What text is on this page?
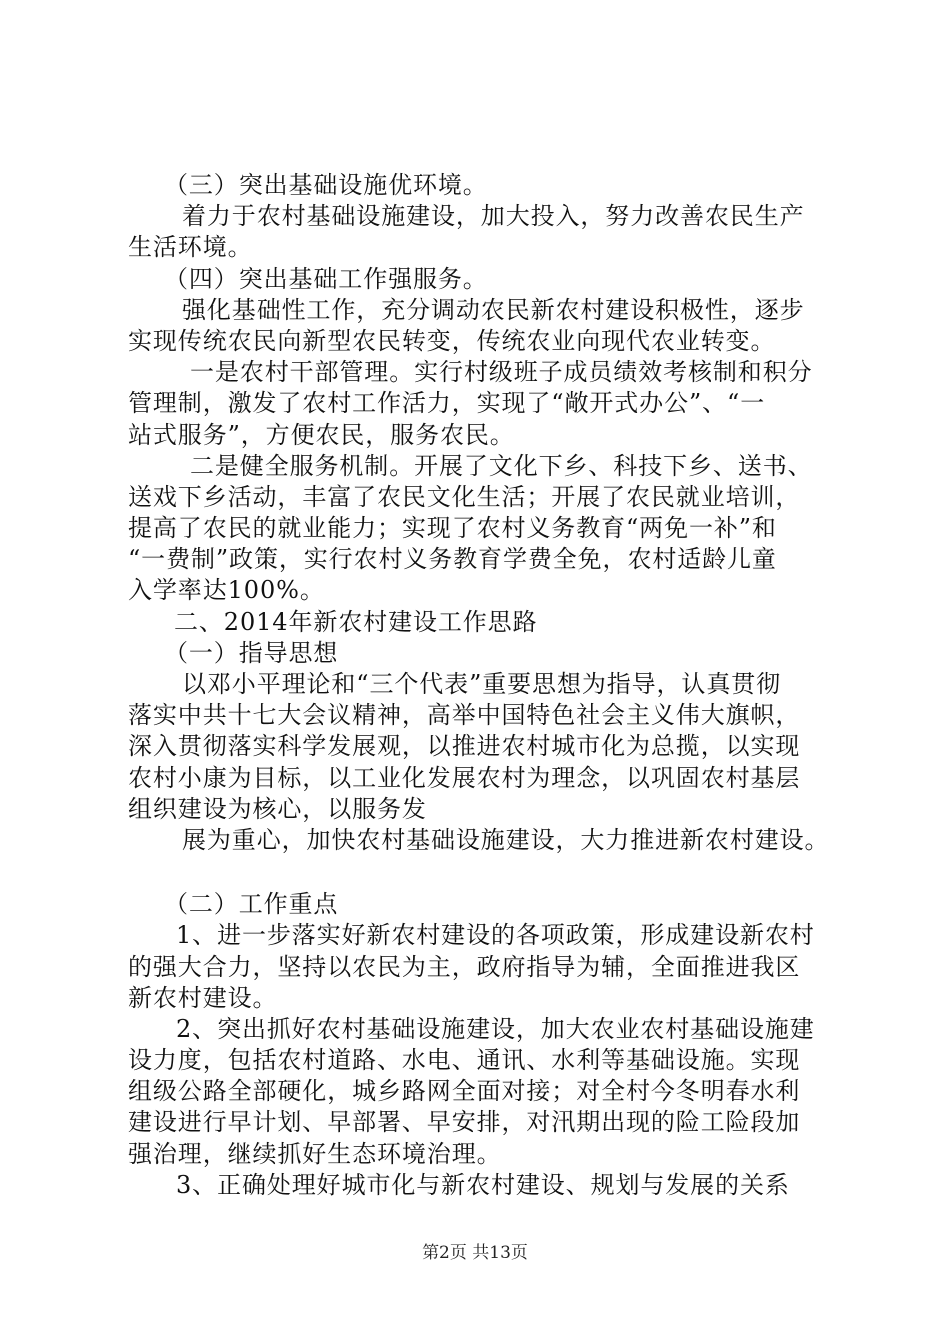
（三）突出基础设施优环境。
着力于农村基础设施建设，加大投入，努力改善农民生产
生活环境。
（四）突出基础工作强服务。
强化基础性工作，充分调动农民新农村建设积极性，逐步
实现传统农民向新型农民转变，传统农业向现代农业转变。
一是农村干部管理。实行村级班子成员绩效考核制和积分
管理制，激发了农村工作活力，实现了“敞开式办公”、“一
站式服务”，方便农民，服务农民。
二是健全服务机制。开展了文化下乡、科技下乡、送书、
送戏下乡活动，丰富了农民文化生活；开展了农民就业培训，
提高了农民的就业能力；实现了农村义务教育“两免一补”和
“一费制”政策，实行农村义务教育学费全免，农村适龄儿童
入学率达100%。
二、2014年新农村建设工作思路
（一）指导思想
以邓小平理论和“三个代表”重要思想为指导，认真贯彻
落实中共十七大会议精神，高举中国特色社会主义伟大旗帜，
深入贯彻落实科学发展观，以推进农村城市化为总揽，以实现
农村小康为目标，以工业化发展农村为理念，以巩固农村基层
组织建设为核心，以服务发
展为重心，加快农村基础设施建设，大力推进新农村建设。
（二）工作重点
1、进一步落实好新农村建设的各项政策，形成建设新农村
的强大合力，坚持以农民为主，政府指导为辅，全面推进我区
新农村建设。
2、突出抓好农村基础设施建设，加大农业农村基础设施建
设力度，包括农村道路、水电、通讯、水利等基础设施。实现
组级公路全部硬化，城乡路网全面对接；对全村今冬明春水利
建设进行早计划、早部署、早安排，对汛期出现的险工险段加
强治理，继续抓好生态环境治理。
3、正确处理好城市化与新农村建设、规划与发展的关系
第2页 共13页
